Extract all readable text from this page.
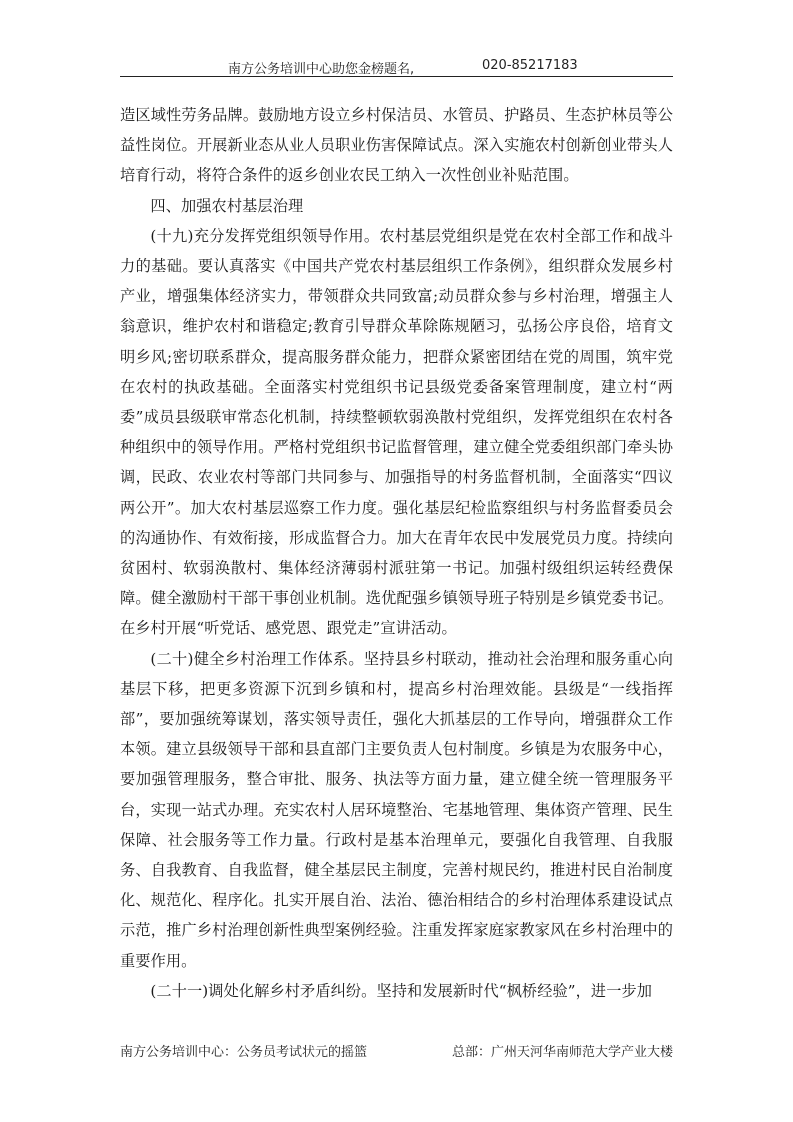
南方公务培训中心助您金榜题名,	020-85217183

造区域性劳务品牌。鼓励地方设立乡村保洁员、水管员、护路员、生态护林员等公益性岗位。开展新业态从业人员职业伤害保障试点。深入实施农村创新创业带头人培育行动，将符合条件的返乡创业农民工纳入一次性创业补贴范围。

四、加强农村基层治理

(十九)充分发挥党组织领导作用。农村基层党组织是党在农村全部工作和战斗力的基础。要认真落实《中国共产党农村基层组织工作条例》，组织群众发展乡村产业，增强集体经济实力，带领群众共同致富;动员群众参与乡村治理，增强主人翁意识，维护农村和谐稳定;教育引导群众革除陈规陋习，弘扬公序良俗，培育文明乡风;密切联系群众，提高服务群众能力，把群众紧密团结在党的周围，筑牢党在农村的执政基础。全面落实村党组织书记县级党委备案管理制度，建立村“两委”成员县级联审常态化机制，持续整顿软弱涣散村党组织，发挥党组织在农村各种组织中的领导作用。严格村党组织书记监督管理，建立健全党委组织部门牵头协调，民政、农业农村等部门共同参与、加强指导的村务监督机制，全面落实“四议两公开”。加大农村基层巡察工作力度。强化基层纪检监察组织与村务监督委员会的沟通协作、有效衔接，形成监督合力。加大在青年农民中发展党员力度。持续向贫困村、软弱涣散村、集体经济薄弱村派驻第一书记。加强村级组织运转经费保障。健全激励村干部干事创业机制。选优配强乡镇领导班子特别是乡镇党委书记。在乡村开展“听党话、感党恩、跟党走”宣讲活动。

(二十)健全乡村治理工作体系。坚持县乡村联动，推动社会治理和服务重心向基层下移，把更多资源下沉到乡镇和村，提高乡村治理效能。县级是“一线指挥部”，要加强统筹谋划，落实领导责任，强化大抓基层的工作导向，增强群众工作本领。建立县级领导干部和县直部门主要负责人包村制度。乡镇是为农服务中心，要加强管理服务，整合审批、服务、执法等方面力量，建立健全统一管理服务平台，实现一站式办理。充实农村人居环境整治、宅基地管理、集体资产管理、民生保障、社会服务等工作力量。行政村是基本治理单元，要强化自我管理、自我服务、自我教育、自我监督，健全基层民主制度，完善村规民约，推进村民自治制度化、规范化、程序化。扎实开展自治、法治、德治相结合的乡村治理体系建设试点示范，推广乡村治理创新性典型案例经验。注重发挥家庭家教家风在乡村治理中的重要作用。

(二十一)调处化解乡村矛盾纠纷。坚持和发展新时代“枫桥经验”，进一步加

南方公务培训中心：公务员考试状元的摇篮	总部：广州天河华南师范大学产业大楼
